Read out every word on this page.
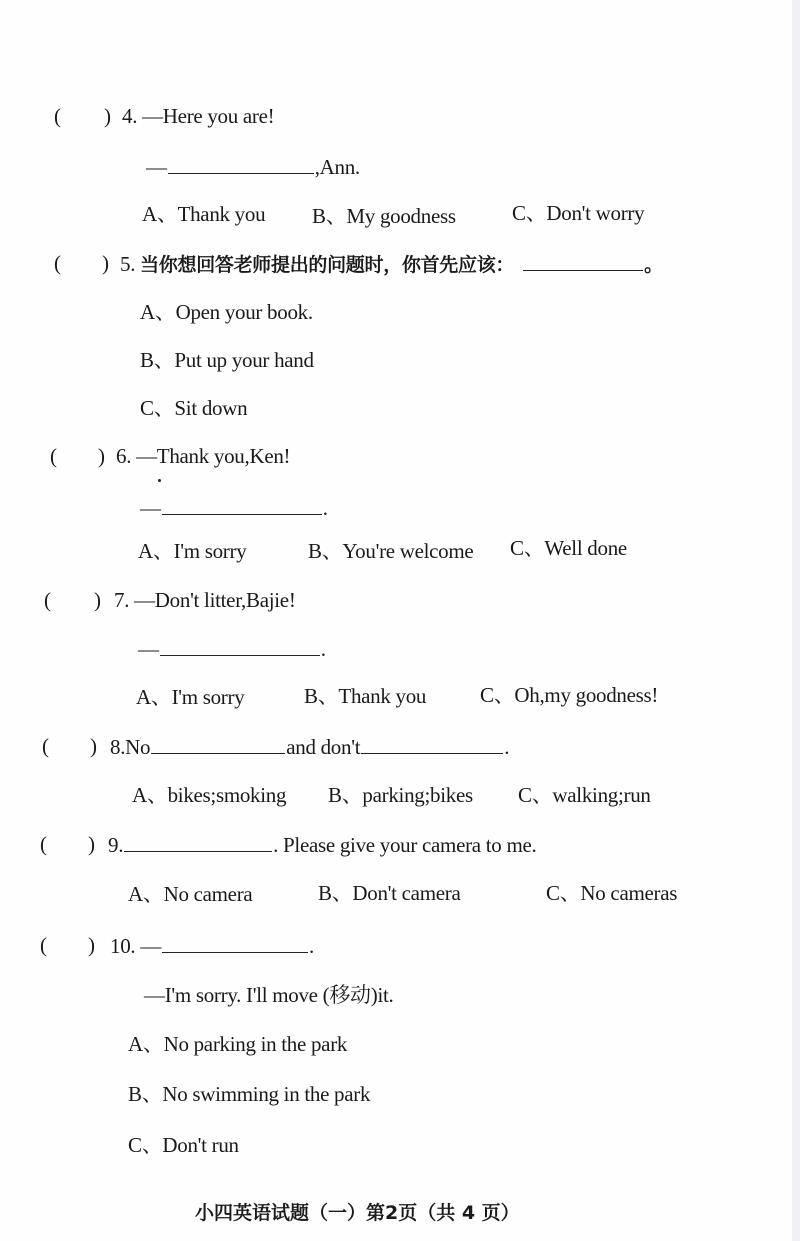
( ) 4. —Here you are!
—	,Ann.
A、Thank you B、My goodness	C、Don't worry
( ) 5. 当你想回答老师提出的问题时，你首先应该：	。
A、Open your book.
B、Put up your hand
C、Sit down
( ) 6. —Thank you,Ken!
—	.
A、I'm sorry	B、You're welcome C、Well done
( ) 7. —Don't litter,Bajie!
—	.
A、I'm sorry	B、Thank you	C、Oh,my goodness!
( ) 8.No	and don't	.
A、bikes;smoking B、parking;bikes C、walking;run
( ) 9.	. Please give your camera to me.
A、No camera	B、Don't camera	C、No cameras
( ) 10. —	.
—I'm sorry. I'll move (移动)it.
A、No parking in the park
B、No swimming in the park
C、Don't run
小四英语试题（一）第2页（共 4 页）
